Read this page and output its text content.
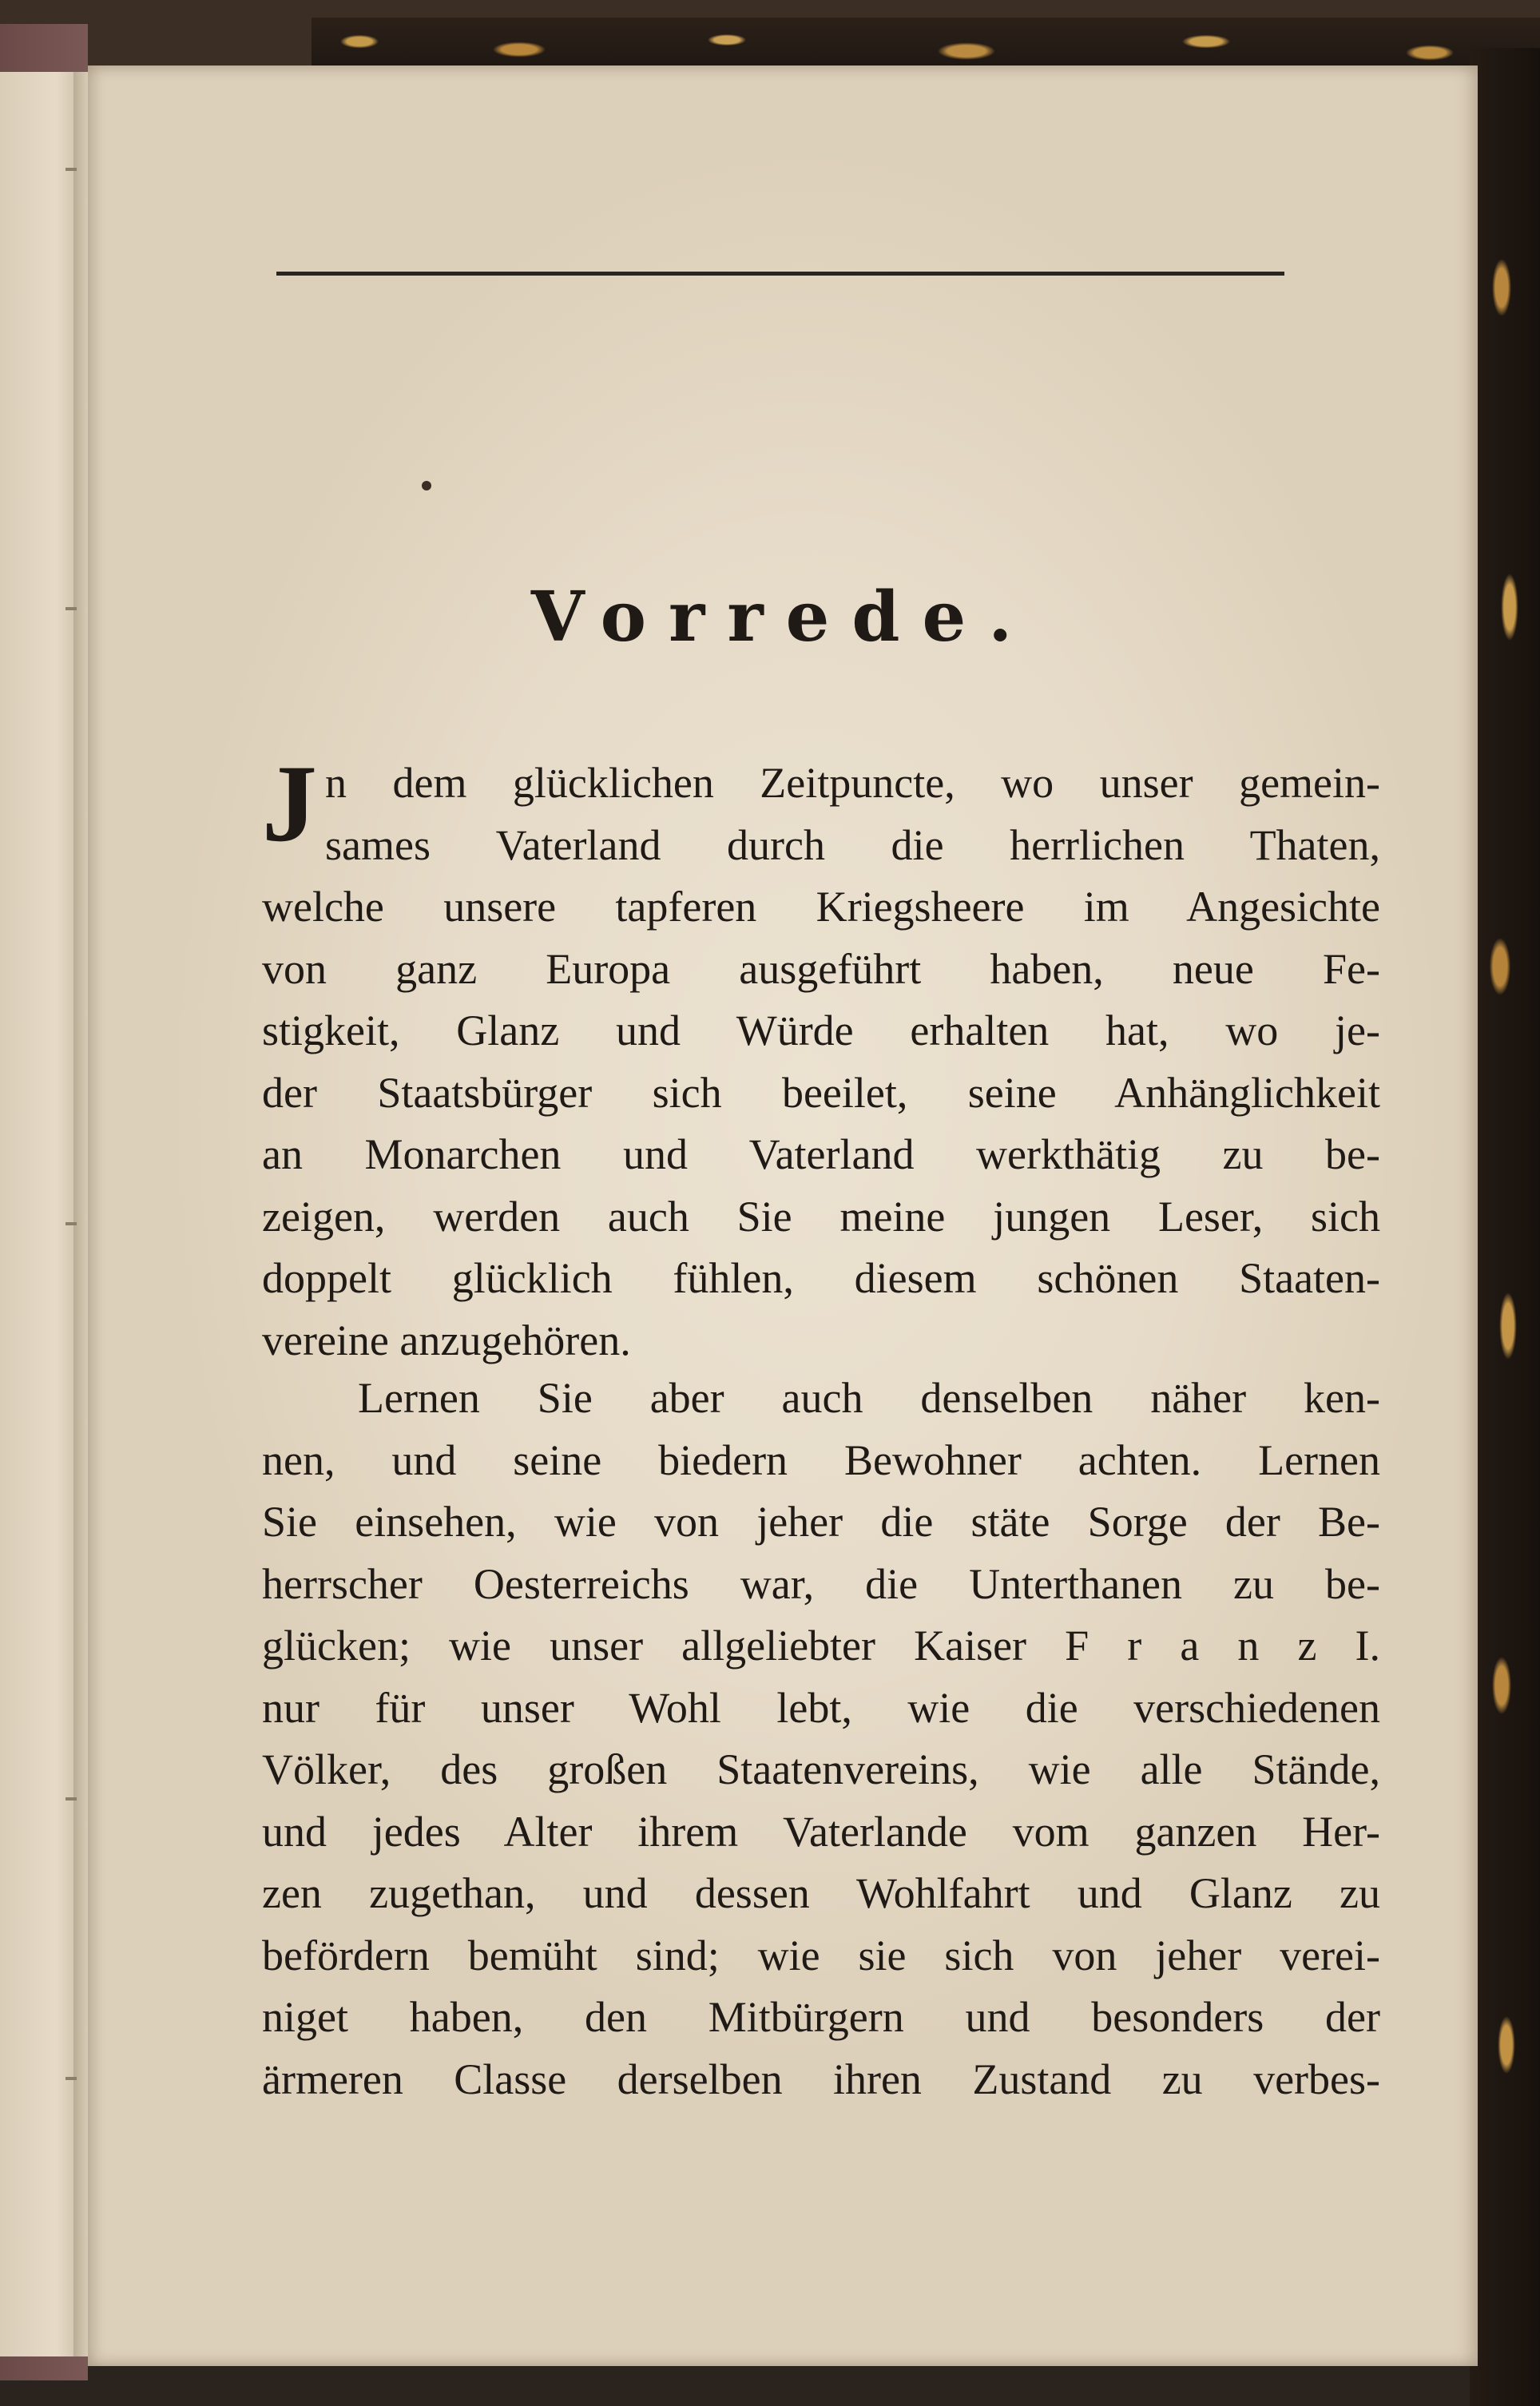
Vorrede.
J n dem glücklichen Zeitpuncte, wo unser gemein-
sames Vaterland durch die herrlichen Thaten,
welche unsere tapferen Kriegsheere im Angesichte
von ganz Europa ausgeführt haben, neue Fe-
stigkeit, Glanz und Würde erhalten hat, wo je-
der Staatsbürger sich beeilet, seine Anhänglichkeit
an Monarchen und Vaterland werkthätig zu be-
zeigen, werden auch Sie meine jungen Leser, sich
doppelt glücklich fühlen, diesem schönen Staaten-
vereine anzugehören.
Lernen Sie aber auch denselben näher ken-
nen, und seine biedern Bewohner achten. Lernen
Sie einsehen, wie von jeher die stäte Sorge der Be-
herrscher Oesterreichs war, die Unterthanen zu be-
glücken; wie unser allgeliebter Kaiser F r a n z I.
nur für unser Wohl lebt, wie die verschiedenen
Völker, des großen Staatenvereins, wie alle Stände,
und jedes Alter ihrem Vaterlande vom ganzen Her-
zen zugethan, und dessen Wohlfahrt und Glanz zu
befördern bemüht sind; wie sie sich von jeher verei-
niget haben, den Mitbürgern und besonders der
ärmeren Classe derselben ihren Zustand zu verbes-
